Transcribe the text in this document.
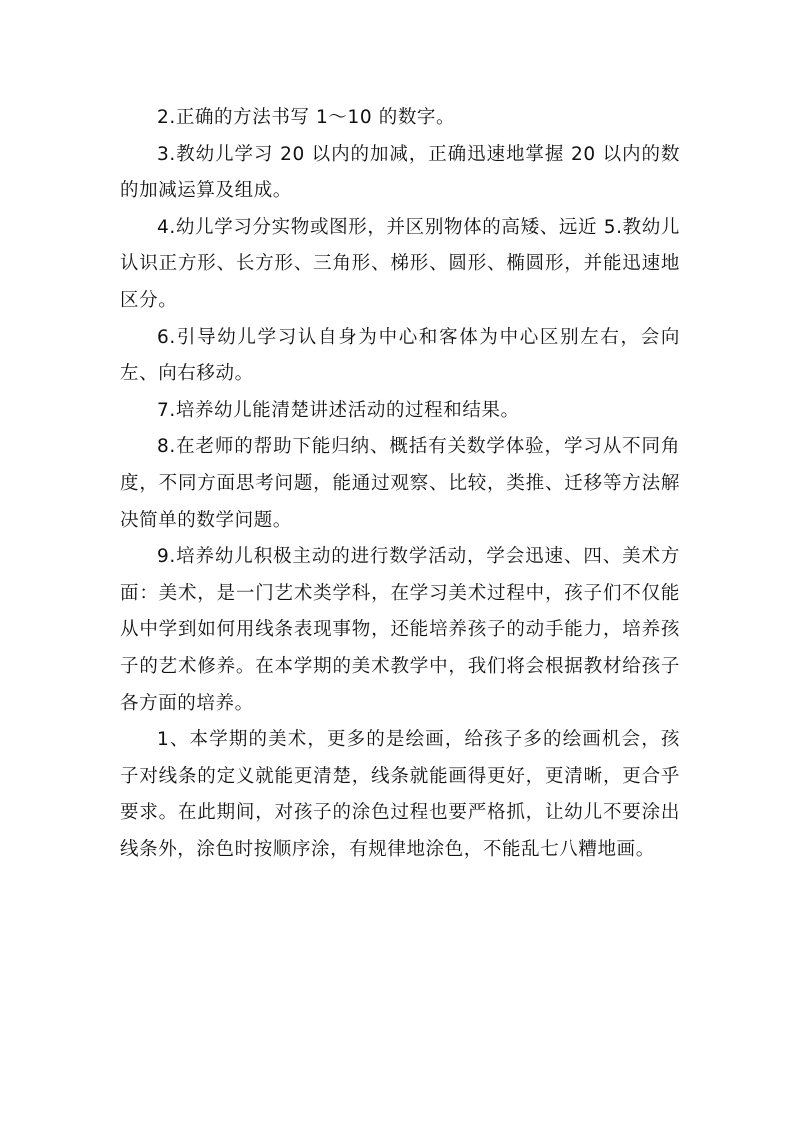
2.正确的方法书写 1～10 的数字。

3.教幼儿学习 20 以内的加减，正确迅速地掌握 20 以内的数的加减运算及组成。

4.幼儿学习分实物或图形，并区别物体的高矮、远近 5.教幼儿认识正方形、长方形、三角形、梯形、圆形、椭圆形，并能迅速地区分。

6.引导幼儿学习认自身为中心和客体为中心区别左右，会向左、向右移动。

7.培养幼儿能清楚讲述活动的过程和结果。

8.在老师的帮助下能归纳、概括有关数学体验，学习从不同角度，不同方面思考问题，能通过观察、比较，类推、迁移等方法解决简单的数学问题。

9.培养幼儿积极主动的进行数学活动，学会迅速、四、美术方面：美术，是一门艺术类学科，在学习美术过程中，孩子们不仅能从中学到如何用线条表现事物，还能培养孩子的动手能力，培养孩子的艺术修养。在本学期的美术教学中，我们将会根据教材给孩子各方面的培养。

1、本学期的美术，更多的是绘画，给孩子多的绘画机会，孩子对线条的定义就能更清楚，线条就能画得更好，更清晰，更合乎要求。在此期间，对孩子的涂色过程也要严格抓，让幼儿不要涂出线条外，涂色时按顺序涂，有规律地涂色，不能乱七八糟地画。
